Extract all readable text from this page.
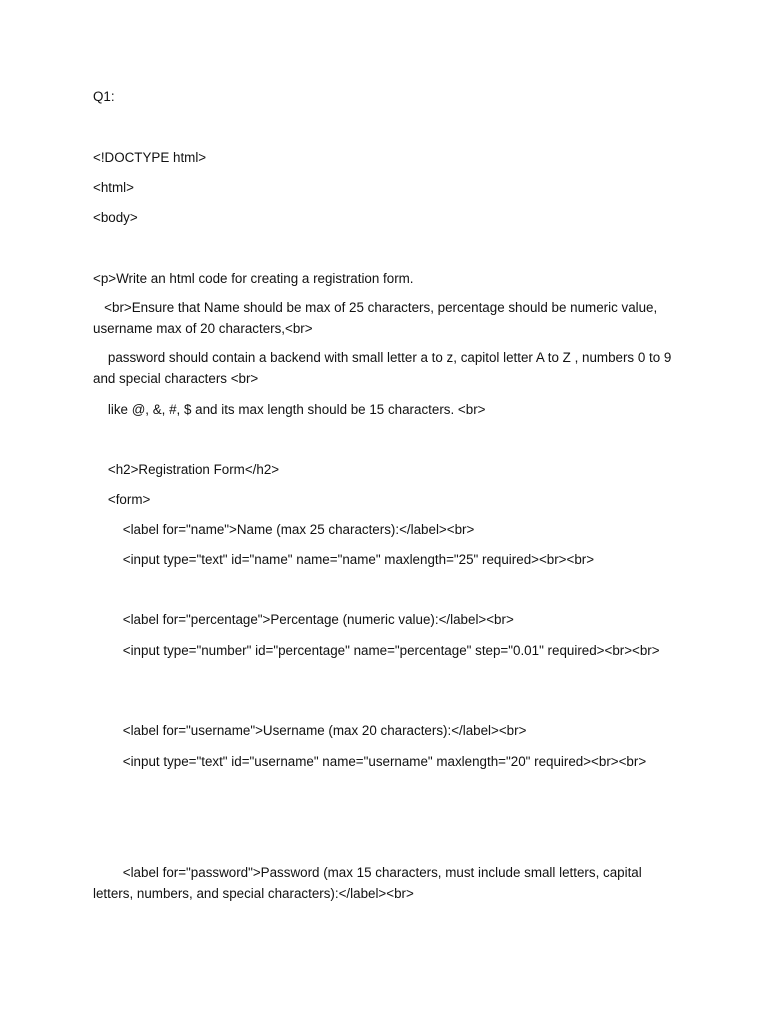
Q1:

<!DOCTYPE html>

<html>

<body>

<p>Write an html code for creating a registration form.

<br>Ensure that Name should be max of 25 characters, percentage should be numeric value, username max of 20 characters,<br>

password should contain a backend with small letter a to z, capitol letter A to Z , numbers 0 to 9 and special characters <br>

like @, &, #, $ and its max length should be 15 characters. <br>

<h2>Registration Form</h2>

<form>

<label for="name">Name (max 25 characters):</label><br>

<input type="text" id="name" name="name" maxlength="25" required><br><br>

<label for="percentage">Percentage (numeric value):</label><br>

<input type="number" id="percentage" name="percentage" step="0.01" required><br><br>

<label for="username">Username (max 20 characters):</label><br>

<input type="text" id="username" name="username" maxlength="20" required><br><br>

<label for="password">Password (max 15 characters, must include small letters, capital letters, numbers, and special characters):</label><br>
